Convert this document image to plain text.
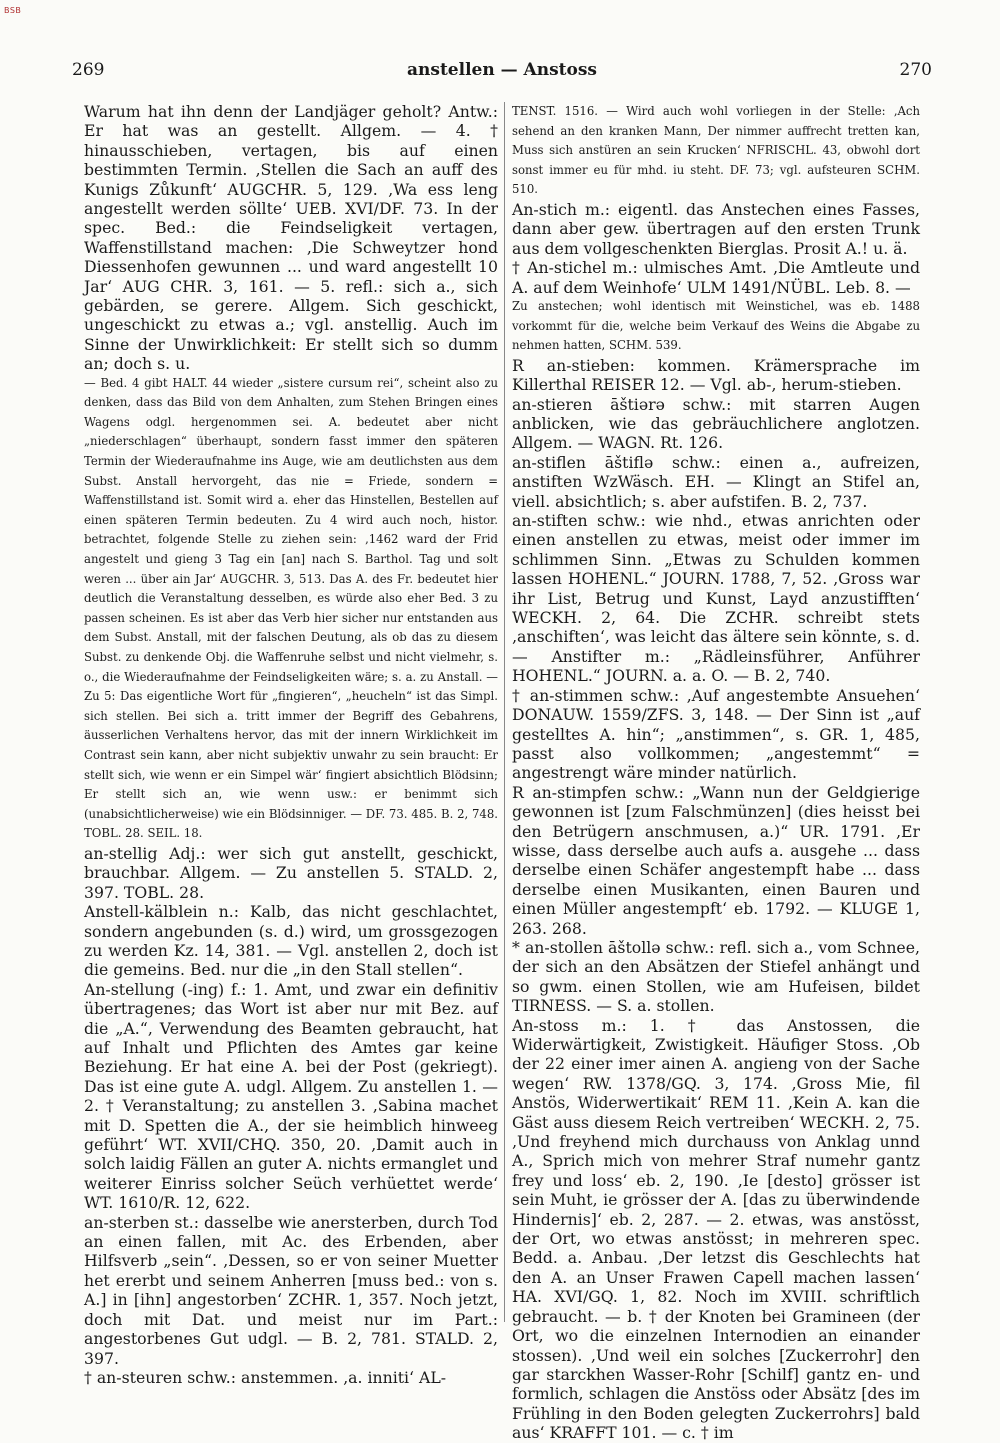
BSB
269	anstellen — Anstoss	270

Warum hat ihn denn der Landjäger geholt? Antw.: Er hat was an gestellt. Allgem. — 4. † hinausschieben, vertagen, bis auf einen bestimmten Termin. ‚Stellen die Sach an auff des Kunigs Zůkunft‘ AUGCHR. 5, 129. ‚Wa ess leng angestellt werden söllte‘ UEB. XVI/DF. 73. In der spec. Bed.: die Feindseligkeit vertagen, Waffenstillstand machen: ‚Die Schweytzer hond Diessenhofen gewunnen ... und ward angestellt 10 Jar‘ AUG CHR. 3, 161. — 5. refl.: sich a., sich gebärden, se gerere. Allgem. Sich geschickt, ungeschickt zu etwas a.; vgl. anstellig. Auch im Sinne der Unwirklichkeit: Er stellt sich so dumm an; doch s. u.

— Bed. 4 gibt HALT. 44 wieder „sistere cursum rei“, scheint also zu denken, dass das Bild von dem Anhalten, zum Stehen Bringen eines Wagens odgl. hergenommen sei. A. bedeutet aber nicht „niederschlagen“ überhaupt, sondern fasst immer den späteren Termin der Wiederaufnahme ins Auge, wie am deutlichsten aus dem Subst. Anstall hervorgeht, das nie = Friede, sondern = Waffenstillstand ist. Somit wird a. eher das Hinstellen, Bestellen auf einen späteren Termin bedeuten. Zu 4 wird auch noch, histor. betrachtet, folgende Stelle zu ziehen sein: ‚1462 ward der Frid angestelt und gieng 3 Tag ein [an] nach S. Barthol. Tag und solt weren ... über ain Jar‘ AUGCHR. 3, 513. Das A. des Fr. bedeutet hier deutlich die Veranstaltung desselben, es würde also eher Bed. 3 zu passen scheinen. Es ist aber das Verb hier sicher nur entstanden aus dem Subst. Anstall, mit der falschen Deutung, als ob das zu diesem Subst. zu denkende Obj. die Waffenruhe selbst und nicht vielmehr, s. o., die Wiederaufnahme der Feindseligkeiten wäre; s. a. zu Anstall. — Zu 5: Das eigentliche Wort für „fingieren“, „heucheln“ ist das Simpl. sich stellen. Bei sich a. tritt immer der Begriff des Gebahrens, äusserlichen Verhaltens hervor, das mit der innern Wirklichkeit im Contrast sein kann, aber nicht subjektiv unwahr zu sein braucht: Er stellt sich, wie wenn er ein Simpel wär‘ fingiert absichtlich Blödsinn; Er stellt sich an, wie wenn usw.: er benimmt sich (unabsichtlicherweise) wie ein Blödsinniger. — DF. 73. 485. B. 2, 748. TOBL. 28. SEIL. 18.

an-stellig Adj.: wer sich gut anstellt, geschickt, brauchbar. Allgem. — Zu anstellen 5. STALD. 2, 397. TOBL. 28.

Anstell-kälblein n.: Kalb, das nicht geschlachtet, sondern angebunden (s. d.) wird, um grossgezogen zu werden Kz. 14, 381. — Vgl. anstellen 2, doch ist die gemeins. Bed. nur die „in den Stall stellen“.

An-stellung (-ing) f.: 1. Amt, und zwar ein definitiv übertragenes; das Wort ist aber nur mit Bez. auf die „A.“, Verwendung des Beamten gebraucht, hat auf Inhalt und Pflichten des Amtes gar keine Beziehung. Er hat eine A. bei der Post (gekriegt). Das ist eine gute A. udgl. Allgem. Zu anstellen 1. — 2. † Veranstaltung; zu anstellen 3. ‚Sabina machet mit D. Spetten die A., der sie heimblich hinweeg geführt‘ WT. XVII/CHQ. 350, 20. ‚Damit auch in solch laidig Fällen an guter A. nichts ermanglet und weiterer Einriss solcher Seüch verhüettet werde‘ WT. 1610/R. 12, 622.

an-sterben st.: dasselbe wie anersterben, durch Tod an einen fallen, mit Ac. des Erbenden, aber Hilfsverb „sein“. ‚Dessen, so er von seiner Muetter het ererbt und seinem Anherren [muss bed.: von s. A.] in [ihn] angestorben‘ ZCHR. 1, 357. Noch jetzt, doch mit Dat. und meist nur im Part.: angestorbenes Gut udgl. — B. 2, 781. STALD. 2, 397.

† an-steuren schw.: anstemmen. ‚a. innitiʻ AL-

TENST. 1516. — Wird auch wohl vorliegen in der Stelle: ‚Ach sehend an den kranken Mann, Der nimmer auffrecht tretten kan, Muss sich anstüren an sein Krucken‘ NFRISCHL. 43, obwohl dort sonst immer eu für mhd. iu steht. DF. 73; vgl. aufsteuren SCHM. 510.

An-stich m.: eigentl. das Anstechen eines Fasses, dann aber gew. übertragen auf den ersten Trunk aus dem vollgeschenkten Bierglas. Prosit A.! u. ä.

† An-stichel m.: ulmisches Amt. ‚Die Amtleute und A. auf dem Weinhofe‘ ULM 1491/NÜBL. Leb. 8. —

Zu anstechen; wohl identisch mit Weinstichel, was eb. 1488 vorkommt für die, welche beim Verkauf des Weins die Abgabe zu nehmen hatten, SCHM. 539.

R an-stieben: kommen. Krämersprache im Killerthal REISER 12. — Vgl. ab-, herum-stieben.

an-stieren āštiərə schw.: mit starren Augen anblicken, wie das gebräuchlichere anglotzen. Allgem. — WAGN. Rt. 126.

an-stiflen āštiflə schw.: einen a., aufreizen, anstiften WzWäsch. EH. — Klingt an Stifel an, viell. absichtlich; s. aber aufstifen. B. 2, 737.

an-stiften schw.: wie nhd., etwas anrichten oder einen anstellen zu etwas, meist oder immer im schlimmen Sinn. „Etwas zu Schulden kommen lassen HOHENL.“ JOURN. 1788, 7, 52. ‚Gross war ihr List, Betrug und Kunst, Layd anzustifften‘ WECKH. 2, 64. Die ZCHR. schreibt stets ‚anschiften‘, was leicht das ältere sein könnte, s. d. — Anstifter m.: „Rädleinsführer, Anführer HOHENL.“ JOURN. a. a. O. — B. 2, 740.

† an-stimmen schw.: ‚Auf angestembte Ansuehen‘ DONAUW. 1559/ZFS. 3, 148. — Der Sinn ist „auf gestelltes A. hin“; „anstimmen“, s. GR. 1, 485, passt also vollkommen; „angestemmt“ = angestrengt wäre minder natürlich.

R an-stimpfen schw.: „Wann nun der Geldgierige gewonnen ist [zum Falschmünzen] (dies heisst bei den Betrügern anschmusen, a.)“ UR. 1791. ‚Er wisse, dass derselbe auch aufs a. ausgehe ... dass derselbe einen Schäfer angestempft habe ... dass derselbe einen Musikanten, einen Bauren und einen Müller angestempft‘ eb. 1792. — KLUGE 1, 263. 268.

* an-stollen āštollə schw.: refl. sich a., vom Schnee, der sich an den Absätzen der Stiefel anhängt und so gwm. einen Stollen, wie am Hufeisen, bildet TIRNESS. — S. a. stollen.

An-stoss m.: 1. † das Anstossen, die Widerwärtigkeit, Zwistigkeit. Häufiger Stoss. ‚Ob der 22 einer imer ainen A. angieng von der Sache wegen‘ RW. 1378/GQ. 3, 174. ‚Gross Mie, fil Anstös, Widerwertikait‘ REM 11. ‚Kein A. kan die Gäst auss diesem Reich vertreiben‘ WECKH. 2, 75. ‚Und freyhend mich durchauss von Anklag unnd A., Sprich mich von mehrer Straf numehr gantz frey und loss‘ eb. 2, 190. ‚Ie [desto] grösser ist sein Muht, ie grösser der A. [das zu überwindende Hindernis]‘ eb. 2, 287. — 2. etwas, was anstösst, der Ort, wo etwas anstösst; in mehreren spec. Bedd. a. Anbau. ‚Der letzst dis Geschlechts hat den A. an Unser Frawen Capell machen lassen‘ HA. XVI/GQ. 1, 82. Noch im XVIII. schriftlich gebraucht. — b. † der Knoten bei Gramineen (der Ort, wo die einzelnen Internodien an einander stossen). ‚Und weil ein solches [Zuckerrohr] den gar starckhen Wasser-Rohr [Schilf] gantz en- und formlich, schlagen die Anstöss oder Absätz [des im Frühling in den Boden gelegten Zuckerrohrs] bald aus‘ KRAFFT 101. — c. † im
